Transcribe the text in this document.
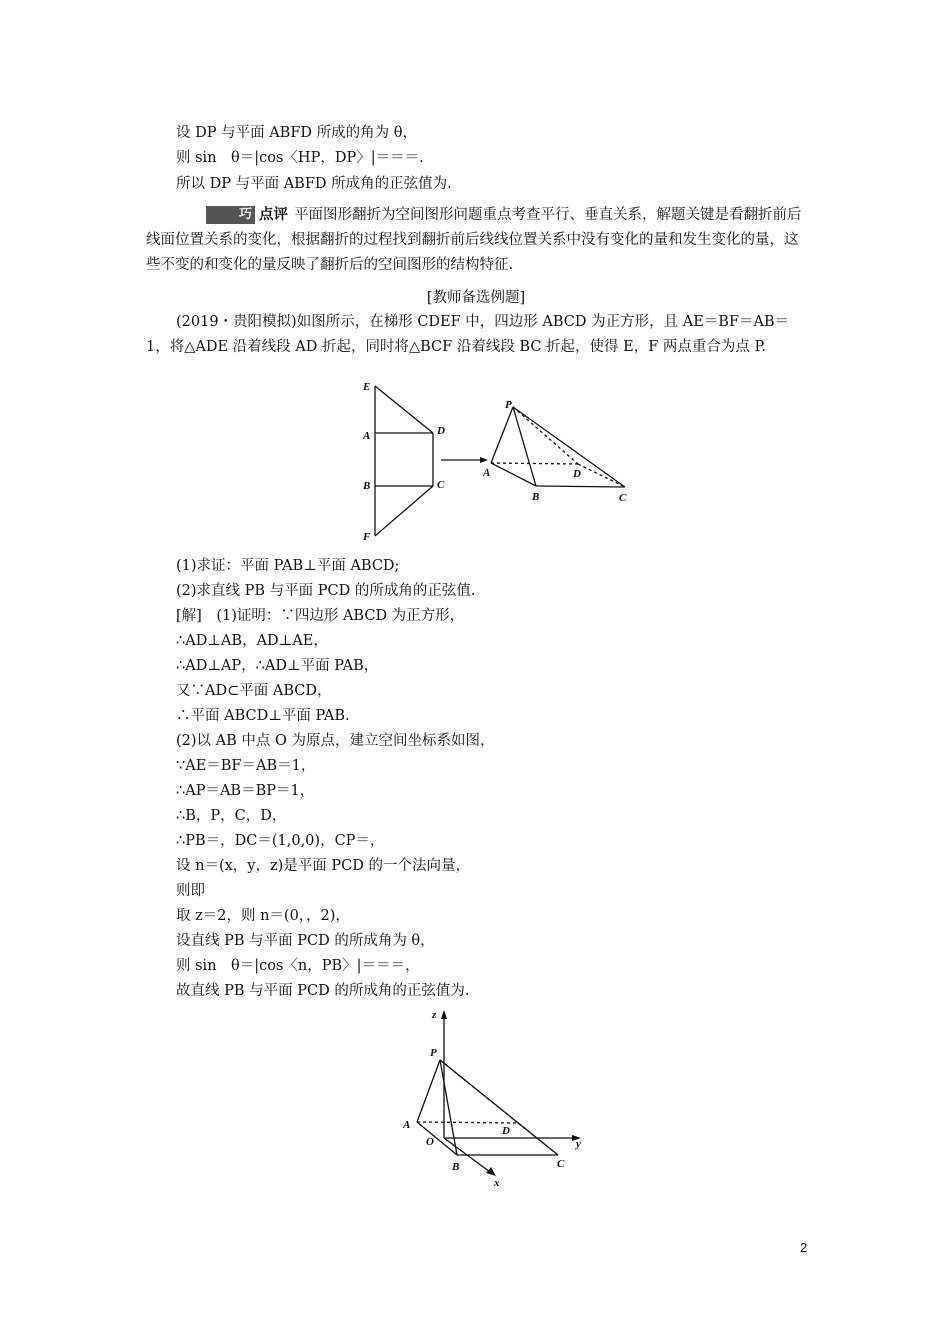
设 DP 与平面 ABFD 所成的角为 θ，
则 sin　θ＝|cos〈HP，DP〉|＝＝＝.
所以 DP 与平面 ABFD 所成角的正弦值为.
巧 点评 平面图形翻折为空间图形问题重点考查平行、垂直关系，解题关键是看翻折前后线面位置关系的变化，根据翻折的过程找到翻折前后线线位置关系中没有变化的量和发生变化的量，这些不变的和变化的量反映了翻折后的空间图形的结构特征.
[教师备选例题]
(2019・贵阳模拟)如图所示，在梯形 CDEF 中，四边形 ABCD 为正方形，且 AE＝BF＝AB＝1，将△ADE 沿着线段 AD 折起，同时将△BCF 沿着线段 BC 折起，使得 E，F 两点重合为点 P.
E
A
B
F
D
C
P
A
B	C
D
(1)求证：平面 PAB⊥平面 ABCD;
(2)求直线 PB 与平面 PCD 的所成角的正弦值.
[解]　(1)证明：∵四边形 ABCD 为正方形，
∴AD⊥AB，AD⊥AE，
∴AD⊥AP，∴AD⊥平面 PAB，
又∵AD⊂平面 ABCD，
∴平面 ABCD⊥平面 PAB.
(2)以 AB 中点 O 为原点，建立空间坐标系如图，
∵AE＝BF＝AB＝1，
∴AP＝AB＝BP＝1，
∴B，P，C，D，
∴PB＝，DC＝(1,0,0)，CP＝，
设 n＝(x，y，z)是平面 PCD 的一个法向量，
则即
取 z＝2，则 n＝(0，，2)，
设直线 PB 与平面 PCD 的所成角为 θ，
则 sin　θ＝|cos〈n，PB〉|＝＝＝，
故直线 PB 与平面 PCD 的所成角的正弦值为.
z
P
A
O
D
y
B	C
x
2
